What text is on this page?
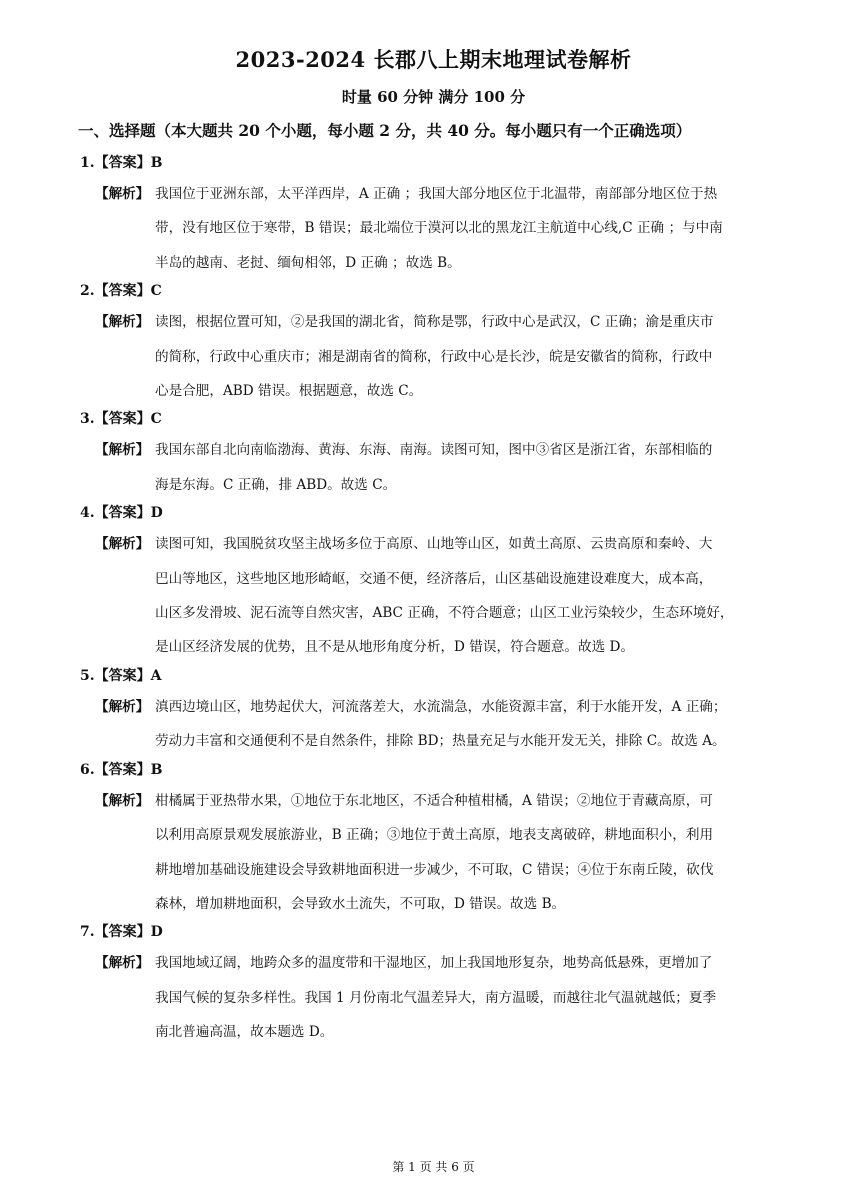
2023-2024 长郡八上期末地理试卷解析
时量 60 分钟 满分 100 分
一、选择题（本大题共 20 个小题，每小题 2 分，共 40 分。每小题只有一个正确选项）
1.【答案】B
【解析】 我国位于亚洲东部，太平洋西岸，A 正确 ；我国大部分地区位于北温带，南部部分地区位于热
带，没有地区位于寒带，B 错误；最北端位于漠河以北的黑龙江主航道中心线,C 正确 ；与中南
半岛的越南、老挝、缅甸相邻，D 正确 ；故选 B。
2.【答案】C
【解析】 读图，根据位置可知，②是我国的湖北省，简称是鄂，行政中心是武汉，C 正确；渝是重庆市
的简称，行政中心重庆市；湘是湖南省的简称，行政中心是长沙，皖是安徽省的简称，行政中
心是合肥，ABD 错误。根据题意，故选 C。
3.【答案】C
【解析】 我国东部自北向南临渤海、黄海、东海、南海。读图可知，图中③省区是浙江省，东部相临的
海是东海。C 正确，排 ABD。故选 C。
4.【答案】D
【解析】 读图可知，我国脱贫攻坚主战场多位于高原、山地等山区，如黄土高原、云贵高原和秦岭、大
巴山等地区，这些地区地形崎岖，交通不便，经济落后，山区基础设施建设难度大，成本高，
山区多发滑坡、泥石流等自然灾害，ABC 正确，不符合题意；山区工业污染较少，生态环境好，
是山区经济发展的优势，且不是从地形角度分析，D 错误，符合题意。故选 D。
5.【答案】A
【解析】 滇西边境山区，地势起伏大，河流落差大，水流湍急，水能资源丰富，利于水能开发，A 正确；
劳动力丰富和交通便利不是自然条件，排除 BD；热量充足与水能开发无关，排除 C。故选 A。
6.【答案】B
【解析】 柑橘属于亚热带水果，①地位于东北地区，不适合种植柑橘，A 错误；②地位于青藏高原，可
以利用高原景观发展旅游业，B 正确；③地位于黄土高原，地表支离破碎，耕地面积小，利用
耕地增加基础设施建设会导致耕地面积进一步减少，不可取，C 错误；④位于东南丘陵，砍伐
森林，增加耕地面积，会导致水土流失，不可取，D 错误。故选 B。
7.【答案】D
【解析】 我国地域辽阔，地跨众多的温度带和干湿地区，加上我国地形复杂，地势高低悬殊，更增加了
我国气候的复杂多样性。我国 1 月份南北气温差异大，南方温暖，而越往北气温就越低；夏季
南北普遍高温，故本题选 D。
第 1 页 共 6 页
